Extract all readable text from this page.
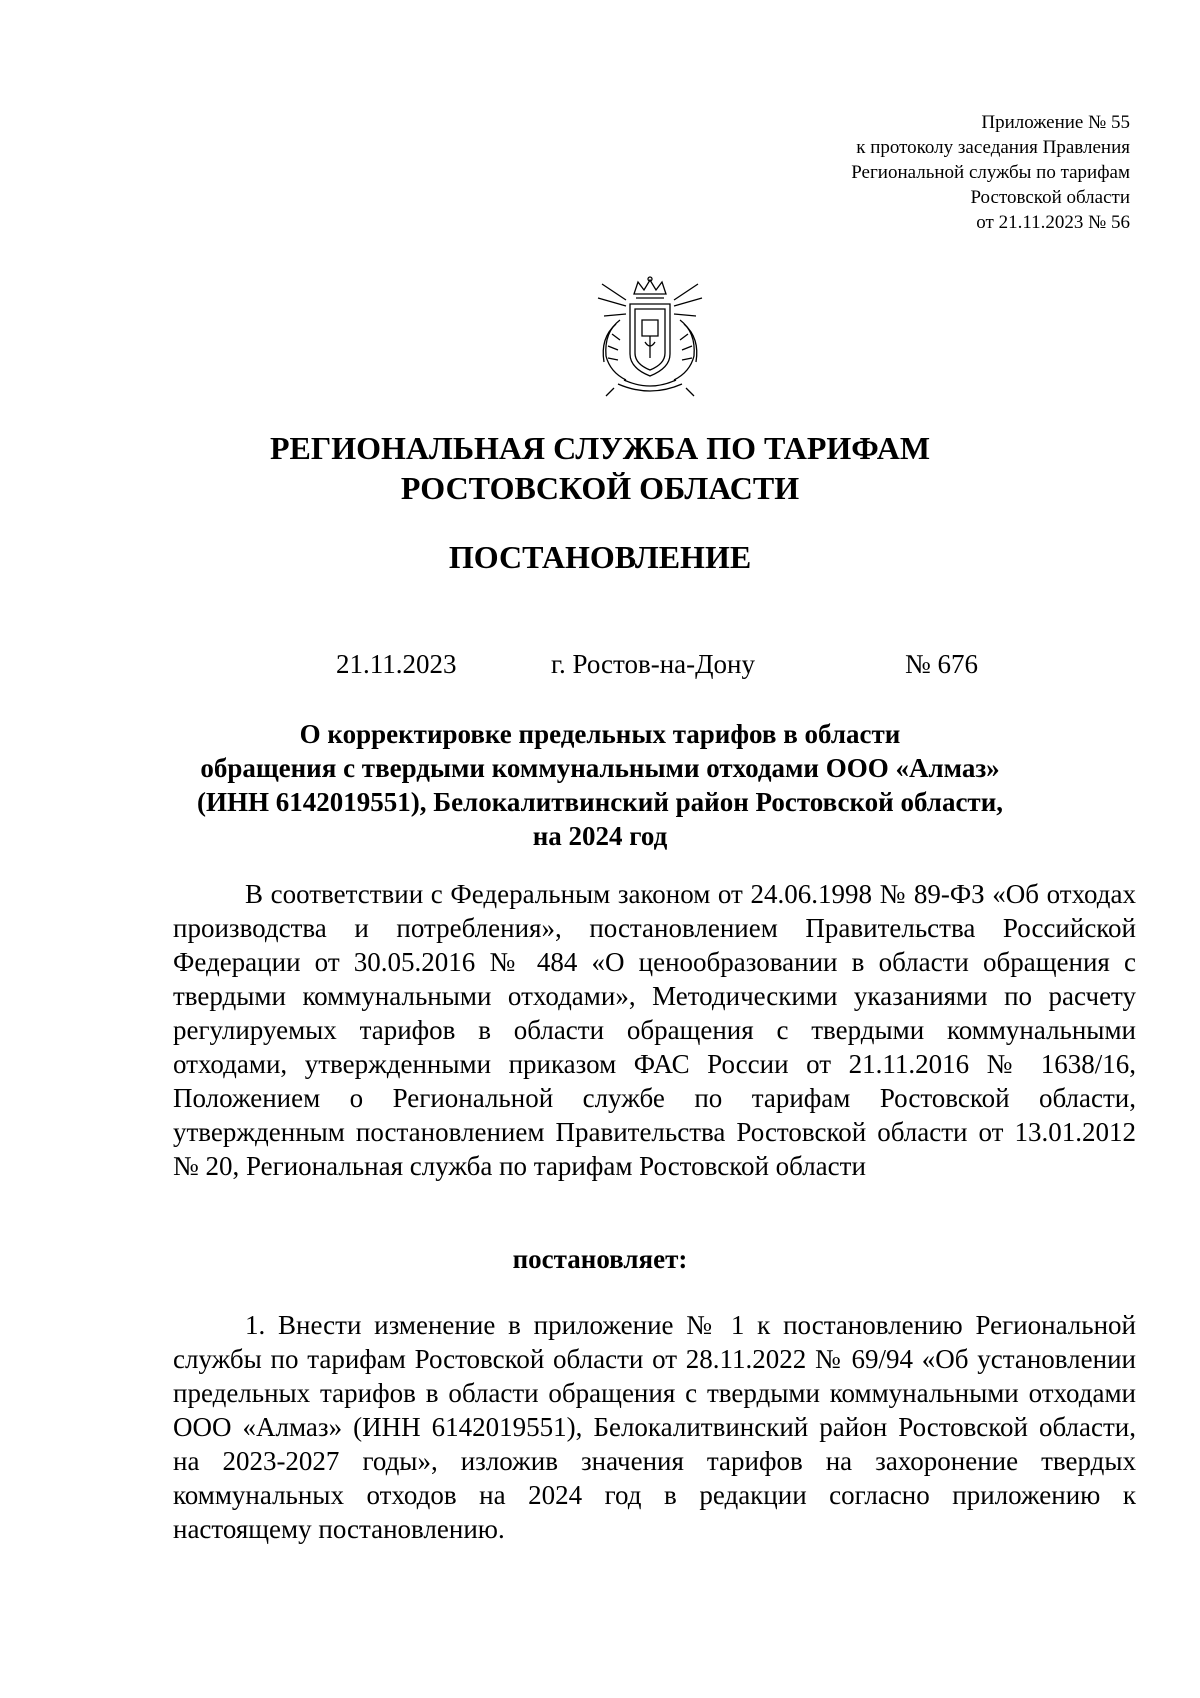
Приложение № 55
к протоколу заседания Правления
Региональной службы по тарифам
Ростовской области
от 21.11.2023 № 56
РЕГИОНАЛЬНАЯ СЛУЖБА ПО ТАРИФАМ
РОСТОВСКОЙ ОБЛАСТИ
ПОСТАНОВЛЕНИЕ
21.11.2023	г. Ростов-на-Дону	№ 676
О корректировке предельных тарифов в области
обращения с твердыми коммунальными отходами ООО «Алмаз»
(ИНН 6142019551), Белокалитвинский район Ростовской области,
на 2024 год

В соответствии с Федеральным законом от 24.06.1998 № 89-ФЗ «Об отходах производства и потребления», постановлением Правительства Российской Федерации от 30.05.2016 № 484 «О ценообразовании в области обращения с твердыми коммунальными отходами», Методическими указаниями по расчету регулируемых тарифов в области обращения с твердыми коммунальными отходами, утвержденными приказом ФАС России от 21.11.2016 № 1638/16, Положением о Региональной службе по тарифам Ростовской области, утвержденным постановлением Правительства Ростовской области от 13.01.2012 № 20, Региональная служба по тарифам Ростовской области

постановляет:

1. Внести изменение в приложение № 1 к постановлению Региональной службы по тарифам Ростовской области от 28.11.2022 № 69/94 «Об установлении предельных тарифов в области обращения с твердыми коммунальными отходами ООО «Алмаз» (ИНН 6142019551), Белокалитвинский район Ростовской области, на 2023-2027 годы», изложив значения тарифов на захоронение твердых коммунальных отходов на 2024 год в редакции согласно приложению к настоящему постановлению.
